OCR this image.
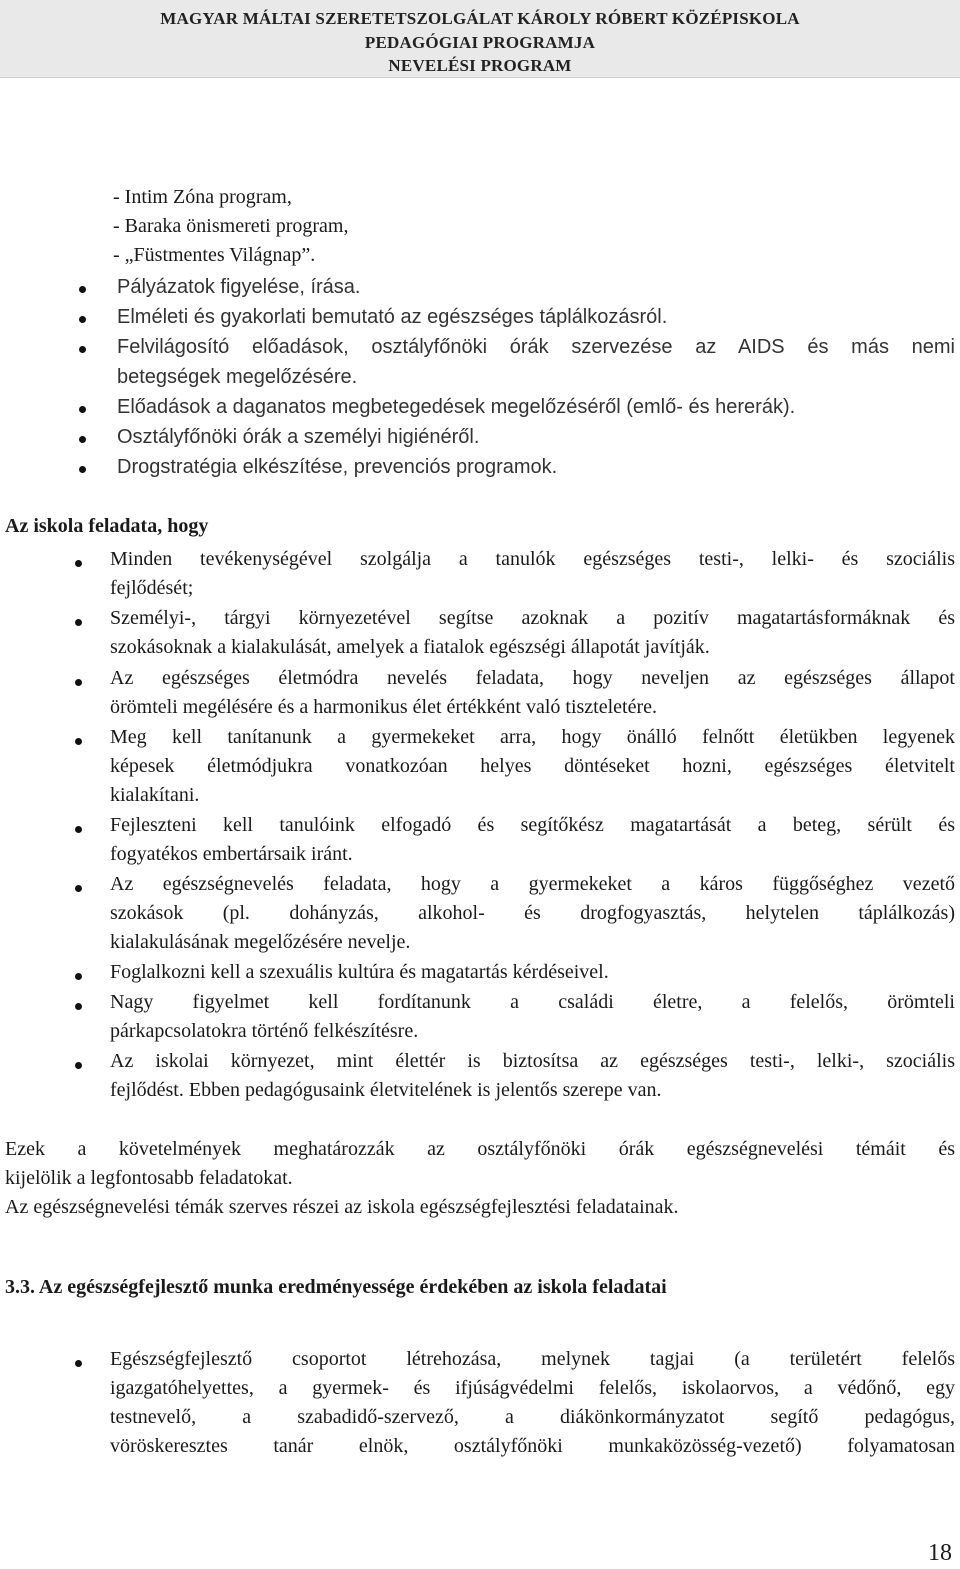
MAGYAR MÁLTAI SZERETETSZOLGÁLAT KÁROLY RÓBERT KÖZÉPISKOLA
PEDAGÓGIAI PROGRAMJA
NEVELÉSI PROGRAM
- Intim Zóna program,
- Baraka önismereti program,
- „Füstmentes Világnap”.
Pályázatok figyelése, írása.
Elméleti és gyakorlati bemutató az egészséges táplálkozásról.
Felvilágosító előadások, osztályfőnöki órák szervezése az AIDS és más nemi
betegségek megelőzésére.
Előadások a daganatos megbetegedések megelőzéséről (emlő- és hererák).
Osztályfőnöki órák a személyi higiénéről.
Drogstratégia elkészítése, prevenciós programok.
Az iskola feladata, hogy
Minden tevékenységével szolgálja a tanulók egészséges testi-, lelki- és szociális
fejlődését;
Személyi-, tárgyi környezetével segítse azoknak a pozitív magatartásformáknak és
szokásoknak a kialakulását, amelyek a fiatalok egészségi állapotát javítják.
Az egészséges életmódra nevelés feladata, hogy neveljen az egészséges állapot
örömteli megélésére és a harmonikus élet értékként való tiszteletére.
Meg kell tanítanunk a gyermekeket arra, hogy önálló felnőtt életükben legyenek
képesek életmódjukra vonatkozóan helyes döntéseket hozni, egészséges életvitelt
kialakítani.
Fejleszteni kell tanulóink elfogadó és segítőkész magatartását a beteg, sérült és
fogyatékos embertársaik iránt.
Az egészségnevelés feladata, hogy a gyermekeket a káros függőséghez vezető
szokások (pl. dohányzás, alkohol- és drogfogyasztás, helytelen táplálkozás)
kialakulásának megelőzésére nevelje.
Foglalkozni kell a szexuális kultúra és magatartás kérdéseivel.
Nagy figyelmet kell fordítanunk a családi életre, a felelős, örömteli
párkapcsolatokra történő felkészítésre.
Az iskolai környezet, mint élettér is biztosítsa az egészséges testi-, lelki-, szociális
fejlődést. Ebben pedagógusaink életvitelének is jelentős szerepe van.
Ezek a követelmények meghatározzák az osztályfőnöki órák egészségnevelési témáit és
kijelölik a legfontosabb feladatokat.
Az egészségnevelési témák szerves részei az iskola egészségfejlesztési feladatainak.
3.3. Az egészségfejlesztő munka eredményessége érdekében az iskola feladatai
Egészségfejlesztő csoportot létrehozása, melynek tagjai (a területért felelős
igazgatóhelyettes, a gyermek- és ifjúságvédelmi felelős, iskolaorvos, a védőnő, egy
testnevelő, a szabadidő-szervező, a diákönkormányzatot segítő pedagógus,
vöröskeresztes tanár elnök, osztályfőnöki munkaközösség-vezető) folyamatosan
18
